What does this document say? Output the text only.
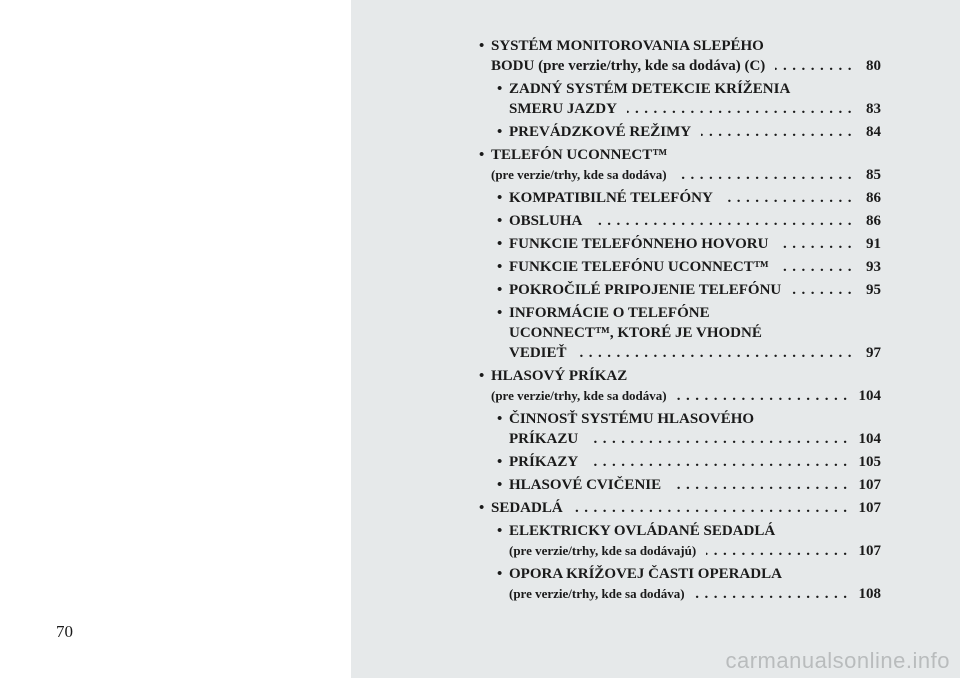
70
• SYSTÉM MONITOROVANIA SLEPÉHO
BODU (pre verzie/trhy, kde sa dodáva) (C) .....	80
• ZADNÝ SYSTÉM DETEKCIE KRÍŽENIA
SMERU JAZDY .....	83
• PREVÁDZKOVÉ REŽIMY .....	84
• TELEFÓN UCONNECT™
(pre verzie/trhy, kde sa dodáva) .....	85
• KOMPATIBILNÉ TELEFÓNY .....	86
• OBSLUHA .....	86
• FUNKCIE TELEFÓNNEHO HOVORU .....	91
• FUNKCIE TELEFÓNU UCONNECT™ .....	93
• POKROČILÉ PRIPOJENIE TELEFÓNU .....	95
• INFORMÁCIE O TELEFÓNE
UCONNECT™, KTORÉ JE VHODNÉ
VEDIEŤ .....	97
• HLASOVÝ PRÍKAZ
(pre verzie/trhy, kde sa dodáva) .....	104
• ČINNOSŤ SYSTÉMU HLASOVÉHO
PRÍKAZU .....	104
• PRÍKAZY .....	105
• HLASOVÉ CVIČENIE .....	107
• SEDADLÁ .....	107
• ELEKTRICKY OVLÁDANÉ SEDADLÁ
(pre verzie/trhy, kde sa dodávajú) .....	107
• OPORA KRÍŽOVEJ ČASTI OPERADLA
(pre verzie/trhy, kde sa dodáva) .....	108
carmanualsonline.info
